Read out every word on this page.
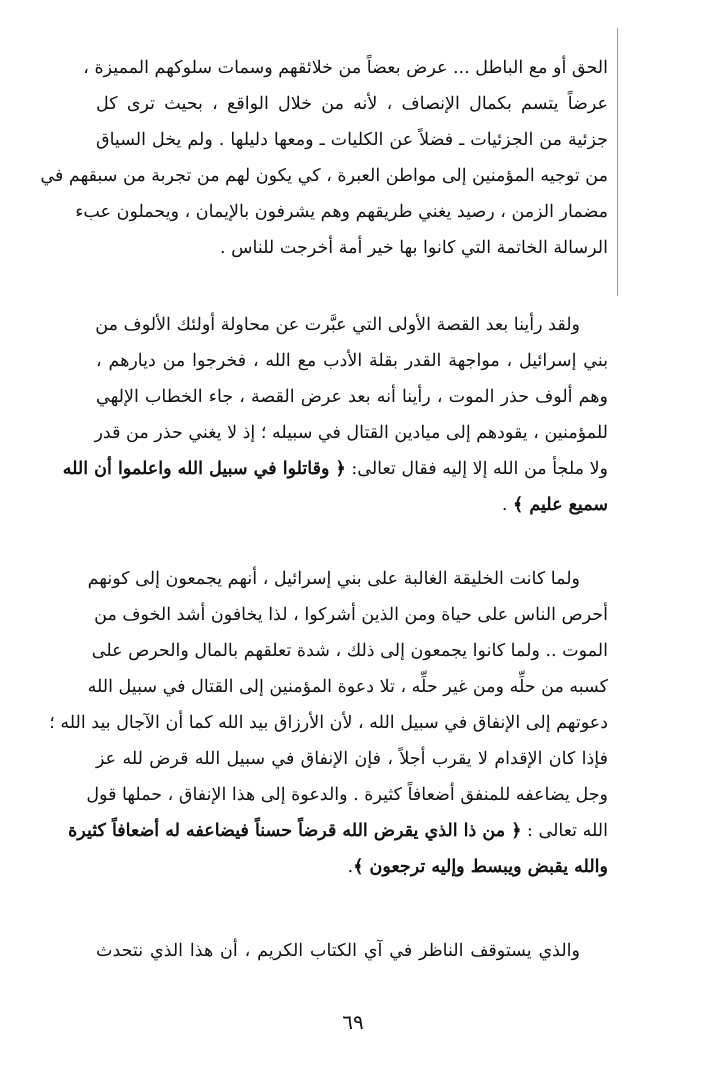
الحق أو مع الباطل ... عرض بعضاً من خلائقهم وسمات سلوكهم المميزة ،
عرضاً يتسم بكمال الإنصاف ، لأنه من خلال الواقع ، بحيث ترى كل
جزئية من الجزئيات ـ فضلاً عن الكليات ـ ومعها دليلها . ولم يخل السياق
من توجيه المؤمنين إلى مواطن العبرة ، كي يكون لهم من تجربة من سبقهم في
مضمار الزمن ، رصيد يغني طريقهم وهم يشرفون بالإيمان ، ويحملون عبء
الرسالة الخاتمة التي كانوا بها خير أمة أخرجت للناس .
ولقد رأينا بعد القصة الأولى التي عبَّرت عن محاولة أولئك الألوف من
بني إسرائيل ، مواجهة القدر بقلة الأدب مع الله ، فخرجوا من ديارهم ،
وهم ألوف حذر الموت ، رأينا أنه بعد عرض القصة ، جاء الخطاب الإلهي
للمؤمنين ، يقودهم إلى ميادين القتال في سبيله ؛ إذ لا يغني حذر من قدر
ولا ملجأ من الله إلا إليه فقال تعالى: ﴿ وقاتلوا في سبيل الله واعلموا أن الله
سميع عليم ﴾ .
ولما كانت الخليقة الغالبة على بني إسرائيل ، أنهم يجمعون إلى كونهم
أحرص الناس على حياة ومن الذين أشركوا ، لذا يخافون أشد الخوف من
الموت .. ولما كانوا يجمعون إلى ذلك ، شدة تعلقهم بالمال والحرص على
كسبه من حلِّه ومن غير حلِّه ، تلا دعوة المؤمنين إلى القتال في سبيل الله
دعوتهم إلى الإنفاق في سبيل الله ، لأن الأرزاق بيد الله كما أن الآجال بيد الله ؛
فإذا كان الإقدام لا يقرب أجلاً ، فإن الإنفاق في سبيل الله قرض لله عز
وجل يضاعفه للمنفق أضعافاً كثيرة . والدعوة إلى هذا الإنفاق ، حملها قول
الله تعالى : ﴿ من ذا الذي يقرض الله قرضاً حسناً فيضاعفه له أضعافاً كثيرة
والله يقبض ويبسط وإليه ترجعون ﴾.
والذي يستوقف الناظر في آي الكتاب الكريم ، أن هذا الذي نتحدث
٦٩
